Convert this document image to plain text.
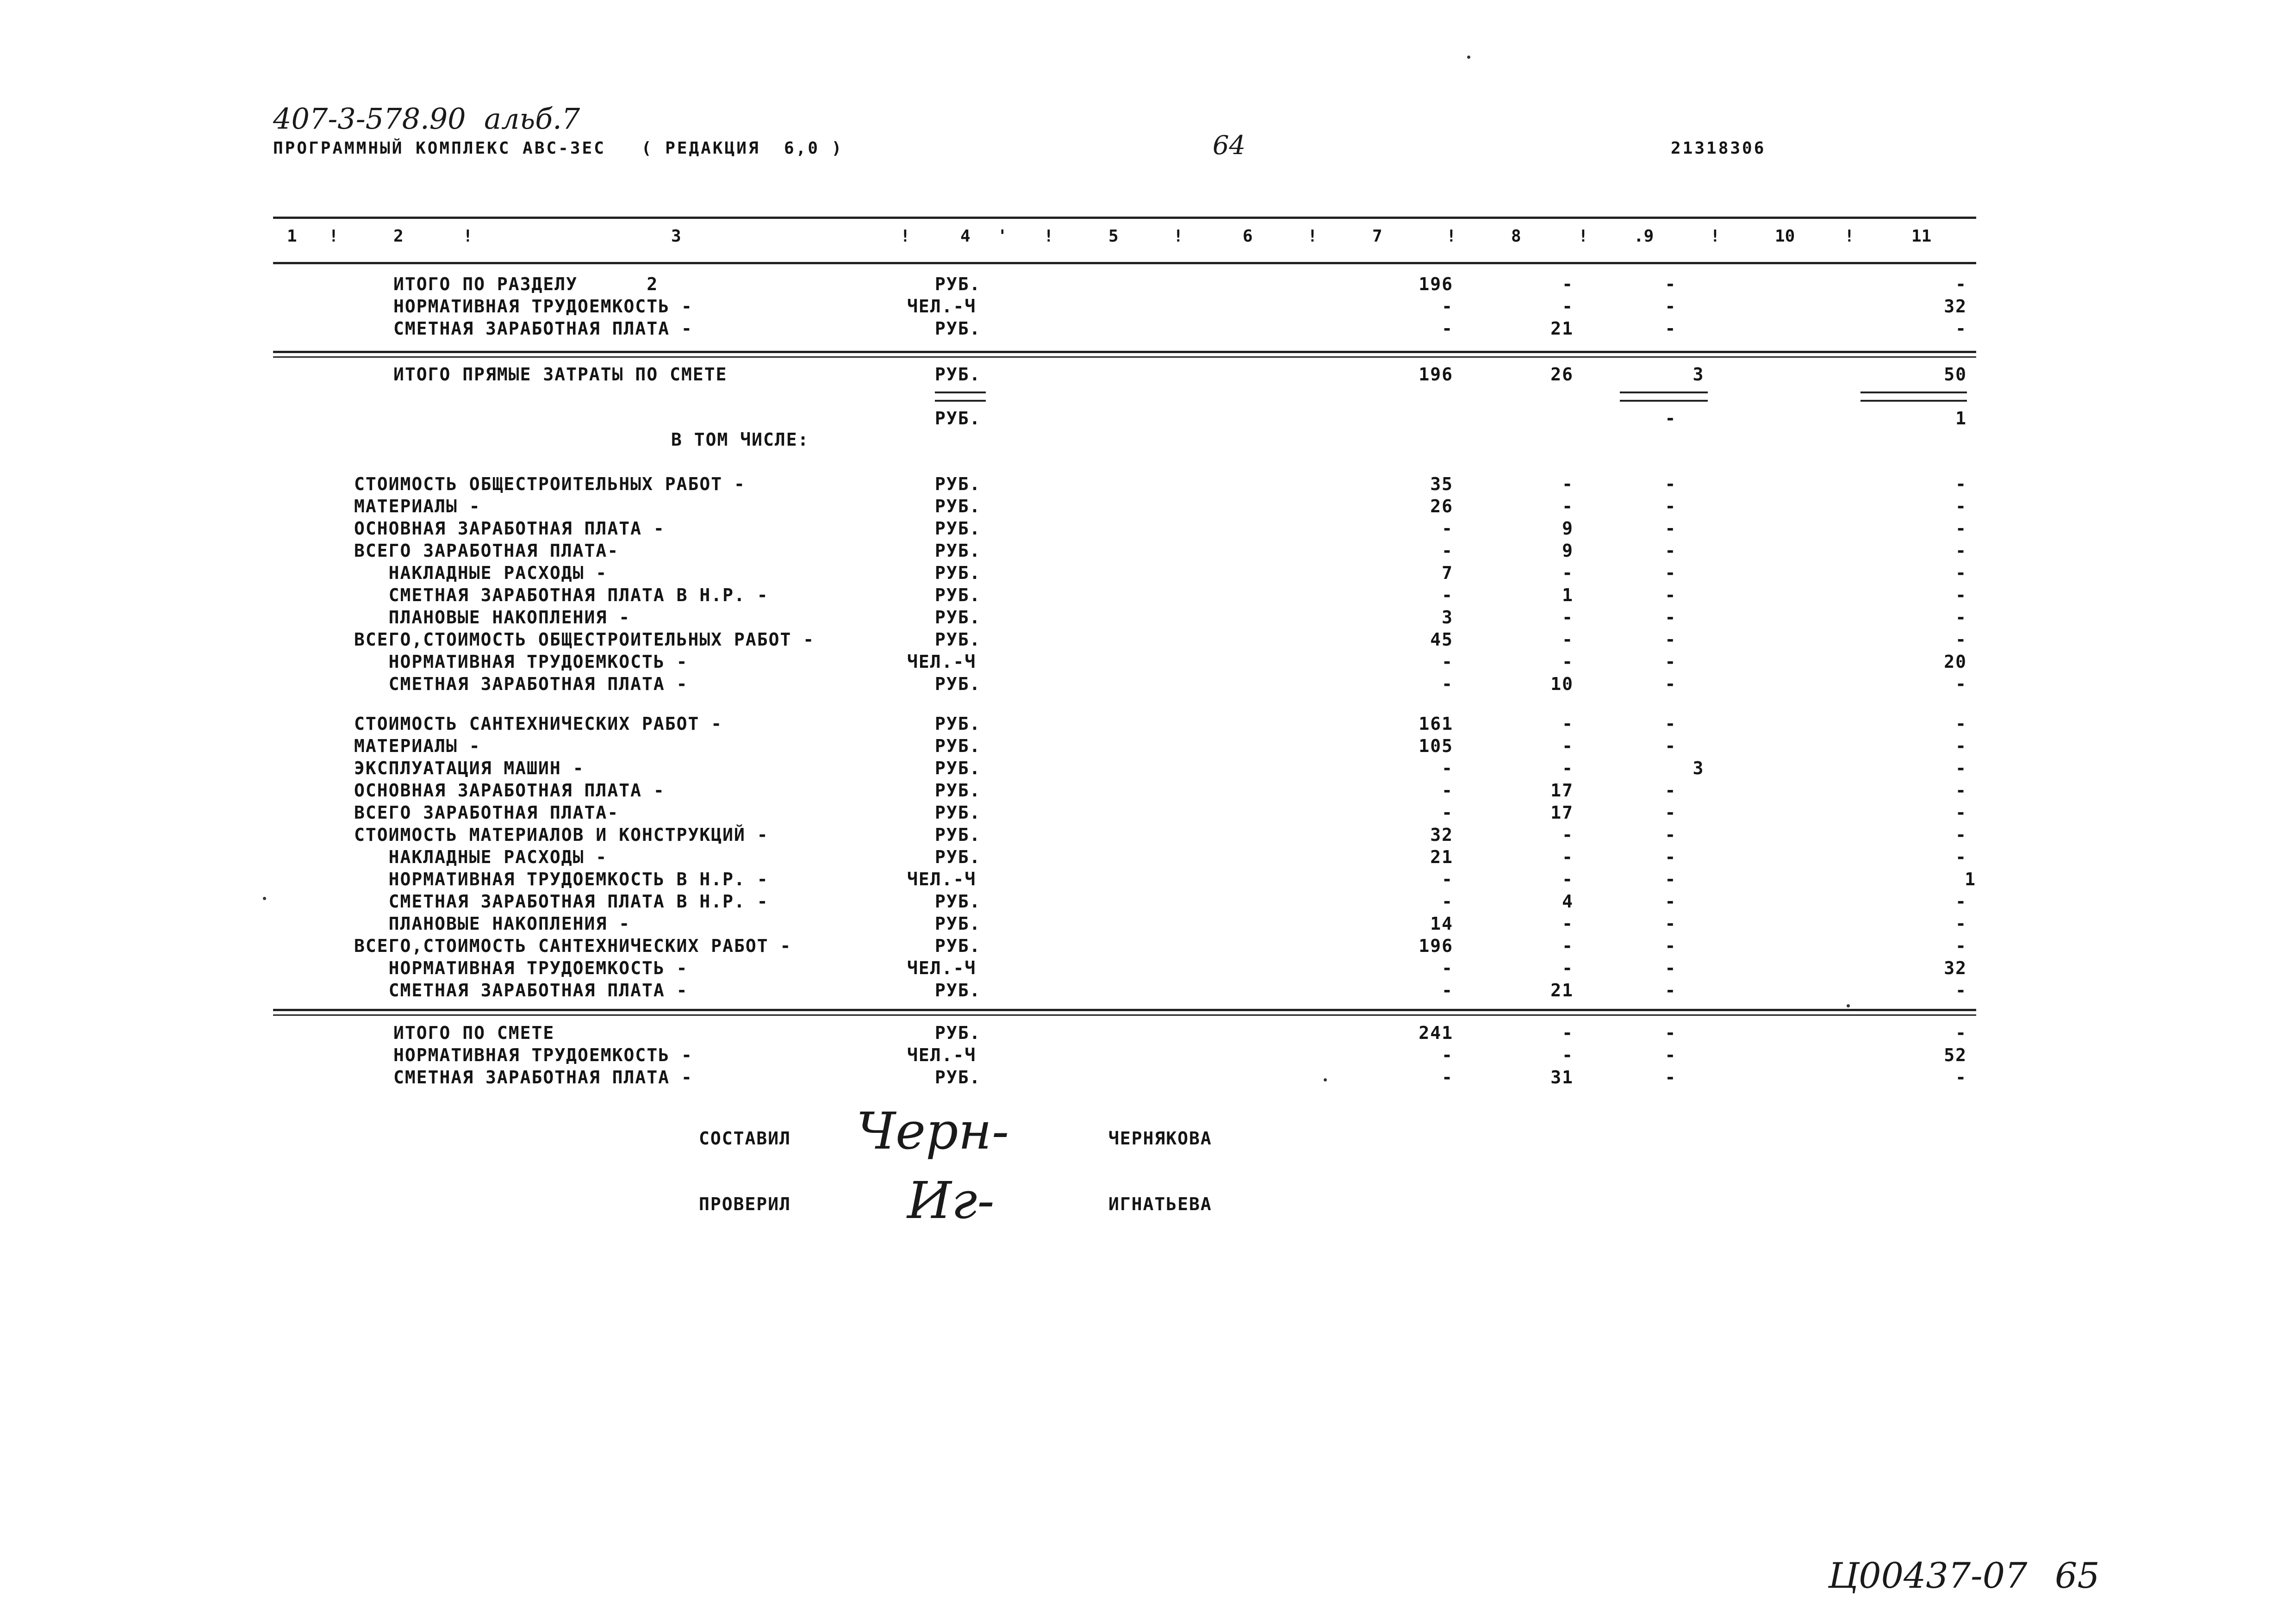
407-3-578.90  альб.7
ПРОГРАММНЫЙ КОМПЛЕКС АВС-3ЕС   ( РЕДАКЦИЯ  6,0 )	64	21318306
1 !	2	!	3	!	4 ' !	5	!	6	!	7	!	8	!	.9	!	10	!	11
ИТОГО ПО РАЗДЕЛУ      2	РУБ.	196	-	-	-
НОРМАТИВНАЯ ТРУДОЕМКОСТЬ -	ЧЕЛ.-Ч	-	-	-	32
СМЕТНАЯ ЗАРАБОТНАЯ ПЛАТА -	РУБ.	-	21	-	-
ИТОГО ПРЯМЫЕ ЗАТРАТЫ ПО СМЕТЕ	РУБ.	196	26	3	50
РУБ.	-	1
В ТОМ ЧИСЛЕ:
СТОИМОСТЬ ОБЩЕСТРОИТЕЛЬНЫХ РАБОТ -	РУБ.	35	-	-	-
МАТЕРИАЛЫ -	РУБ.	26	-	-	-
ОСНОВНАЯ ЗАРАБОТНАЯ ПЛАТА -	РУБ.	-	9	-	-
ВСЕГО ЗАРАБОТНАЯ ПЛАТА-	РУБ.	-	9	-	-
НАКЛАДНЫЕ РАСХОДЫ -	РУБ.	7	-	-	-
СМЕТНАЯ ЗАРАБОТНАЯ ПЛАТА В Н.Р. -	РУБ.	-	1	-	-
ПЛАНОВЫЕ НАКОПЛЕНИЯ -	РУБ.	3	-	-	-
ВСЕГО,СТОИМОСТЬ ОБЩЕСТРОИТЕЛЬНЫХ РАБОТ -	РУБ.	45	-	-	-
НОРМАТИВНАЯ ТРУДОЕМКОСТЬ -	ЧЕЛ.-Ч	-	-	-	20
СМЕТНАЯ ЗАРАБОТНАЯ ПЛАТА -	РУБ.	-	10	-	-
СТОИМОСТЬ САНТЕХНИЧЕСКИХ РАБОТ -	РУБ.	161	-	-	-
МАТЕРИАЛЫ -	РУБ.	105	-	-	-
ЭКСПЛУАТАЦИЯ МАШИН -	РУБ.	-	-	3	-
ОСНОВНАЯ ЗАРАБОТНАЯ ПЛАТА -	РУБ.	-	17	-	-
ВСЕГО ЗАРАБОТНАЯ ПЛАТА-	РУБ.	-	17	-	-
СТОИМОСТЬ МАТЕРИАЛОВ И КОНСТРУКЦИЙ -	РУБ.	32	-	-	-
НАКЛАДНЫЕ РАСХОДЫ -	РУБ.	21	-	-	-
НОРМАТИВНАЯ ТРУДОЕМКОСТЬ В Н.Р. -	ЧЕЛ.-Ч	-	-	-	1
СМЕТНАЯ ЗАРАБОТНАЯ ПЛАТА В Н.Р. -	РУБ.	-	4	-	-
ПЛАНОВЫЕ НАКОПЛЕНИЯ -	РУБ.	14	-	-	-
ВСЕГО,СТОИМОСТЬ САНТЕХНИЧЕСКИХ РАБОТ -	РУБ.	196	-	-	-
НОРМАТИВНАЯ ТРУДОЕМКОСТЬ -	ЧЕЛ.-Ч	-	-	-	32
СМЕТНАЯ ЗАРАБОТНАЯ ПЛАТА -	РУБ.	-	21	-	-
ИТОГО ПО СМЕТЕ	РУБ.	241	-	-	-
НОРМАТИВНАЯ ТРУДОЕМКОСТЬ -	ЧЕЛ.-Ч	-	-	-	52
СМЕТНАЯ ЗАРАБОТНАЯ ПЛАТА -	РУБ.	-	31	-	-
СОСТАВИЛ Черн-	ЧЕРНЯКОВА
ПРОВЕРИЛ Иг-	ИГНАТЬЕВА
Ц00437-07 65
